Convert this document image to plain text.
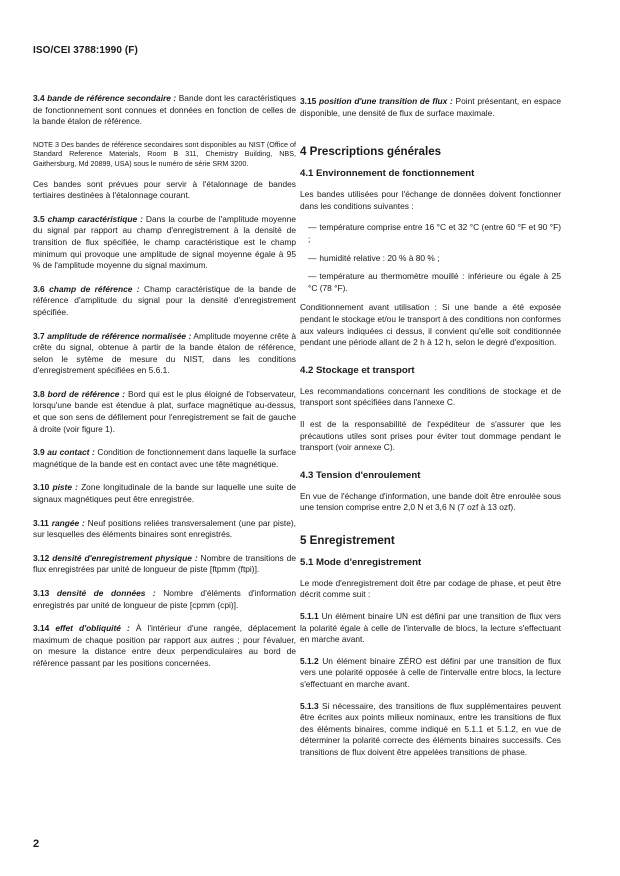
ISO/CEI 3788:1990 (F)

3.4 bande de référence secondaire : Bande dont les caractéristiques de fonctionnement sont connues et données en fonction de celles de la bande étalon de référence.

NOTE 3 Des bandes de référence secondaires sont disponibles au NIST (Office of Standard Reference Materials, Room B 311, Chemistry Building, NBS, Gaithersburg, Md 20899, USA) sous le numéro de série SRM 3200.

Ces bandes sont prévues pour servir à l'étalonnage de bandes tertiaires destinées à l'étalonnage courant.

3.5 champ caractéristique : Dans la courbe de l'amplitude moyenne du signal par rapport au champ d'enregistrement à la densité de transition de flux spécifiée, le champ caractéristique est le champ minimum qui provoque une amplitude de signal moyenne égale à 95 % de l'amplitude moyenne du signal maximum.

3.6 champ de référence : Champ caractéristique de la bande de référence d'amplitude du signal pour la densité d'enregistrement spécifiée.

3.7 amplitude de référence normalisée : Amplitude moyenne crête à crête du signal, obtenue à partir de la bande étalon de référence, selon le sytème de mesure du NIST, dans les conditions d'enregistrement spécifiées en 5.6.1.

3.8 bord de référence : Bord qui est le plus éloigné de l'observateur, lorsqu'une bande est étendue à plat, surface magnétique au-dessus, et que son sens de défilement pour l'enregistrement se fait de gauche à droite (voir figure 1).

3.9 au contact : Condition de fonctionnement dans laquelle la surface magnétique de la bande est en contact avec une tête magnétique.

3.10 piste : Zone longitudinale de la bande sur laquelle une suite de signaux magnétiques peut être enregistrée.

3.11 rangée : Neuf positions reliées transversalement (une par piste), sur lesquelles des éléments binaires sont enregistrés.

3.12 densité d'enregistrement physique : Nombre de transitions de flux enregistrées par unité de longueur de piste [ftpmm (ftpi)].

3.13 densité de données : Nombre d'éléments d'information enregistrés par unité de longueur de piste [cpmm (cpi)].

3.14 effet d'obliquité : À l'intérieur d'une rangée, déplacement maximum de chaque position par rapport aux autres ; pour l'évaluer, on mesure la distance entre deux perpendiculaires au bord de référence passant par les positions concernées.

3.15 position d'une transition de flux : Point présentant, en espace disponible, une densité de flux de surface maximale.

4 Prescriptions générales
4.1 Environnement de fonctionnement

Les bandes utilisées pour l'échange de données doivent fonctionner dans les conditions suivantes :

— température comprise entre 16 °C et 32 °C (entre 60 °F et 90 °F) ;
— humidité relative : 20 % à 80 % ;
— température au thermomètre mouillé : inférieure ou égale à 25 °C (78 °F).

Conditionnement avant utilisation : Si une bande a été exposée pendant le stockage et/ou le transport à des conditions non conformes aux valeurs indiquées ci dessus, il convient qu'elle soit conditionnée pendant une période allant de 2 h à 12 h, selon le degré d'exposition.

4.2 Stockage et transport

Les recommandations concernant les conditions de stockage et de transport sont spécifiées dans l'annexe C.

Il est de la responsabilité de l'expéditeur de s'assurer que les précautions utiles sont prises pour éviter tout dommage pendant le transport (voir annexe C).

4.3 Tension d'enroulement

En vue de l'échange d'information, une bande doit être enroulée sous une tension comprise entre 2,0 N et 3,6 N (7 ozf à 13 ozf).

5 Enregistrement
5.1 Mode d'enregistrement

Le mode d'enregistrement doit être par codage de phase, et peut être décrit comme suit :

5.1.1 Un élément binaire UN est défini par une transition de flux vers la polarité égale à celle de l'intervalle de blocs, la lecture s'effectuant en marche avant.

5.1.2 Un élément binaire ZÉRO est défini par une transition de flux vers une polarité opposée à celle de l'intervalle entre blocs, la lecture s'effectuant en marche avant.

5.1.3 Si nécessaire, des transitions de flux supplémentaires peuvent être écrites aux points milieux nominaux, entre les transitions de flux des éléments binaires, comme indiqué en 5.1.1 et 5.1.2, en vue de déterminer la polarité correcte des éléments binaires successifs. Ces transitions de flux doivent être appelées transitions de phase.

2
